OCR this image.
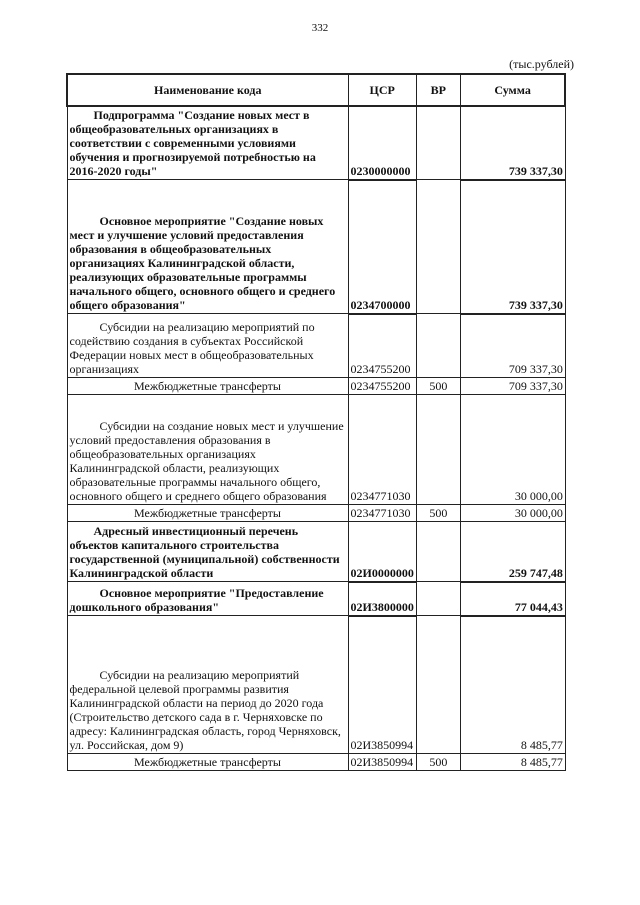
332
(тыс.рублей)
Наименование кода	ЦСР	ВР	Сумма
Подпрограмма "Создание новых мест в общеобразовательных организациях в соответствии с современными условиями обучения и прогнозируемой потребностью на 2016-2020 годы"	0230000000		739 337,30
Основное мероприятие "Создание новых мест и улучшение условий предоставления образования в общеобразовательных организациях Калининградской области, реализующих образовательные программы начального общего, основного общего и среднего общего образования"	0234700000		739 337,30
Субсидии на реализацию мероприятий по содействию создания в субъектах Российской Федерации новых мест в общеобразовательных организациях	0234755200		709 337,30
Межбюджетные трансферты	0234755200	500	709 337,30
Субсидии на создание новых мест и улучшение условий предоставления образования в общеобразовательных организациях Калининградской области, реализующих образовательные программы начального общего, основного общего и среднего общего образования	0234771030		30 000,00
Межбюджетные трансферты	0234771030	500	30 000,00
Адресный инвестиционный перечень объектов капитального строительства государственной (муниципальной) собственности Калининградской области	02И0000000		259 747,48
Основное мероприятие "Предоставление дошкольного образования"	02И3800000		77 044,43
Субсидии на реализацию мероприятий федеральной целевой программы развития Калининградской области на период до 2020 года (Строительство детского сада в г. Черняховске по адресу: Калининградская область, город Черняховск, ул. Российская, дом 9)	02И3850994		8 485,77
Межбюджетные трансферты	02И3850994	500	8 485,77
